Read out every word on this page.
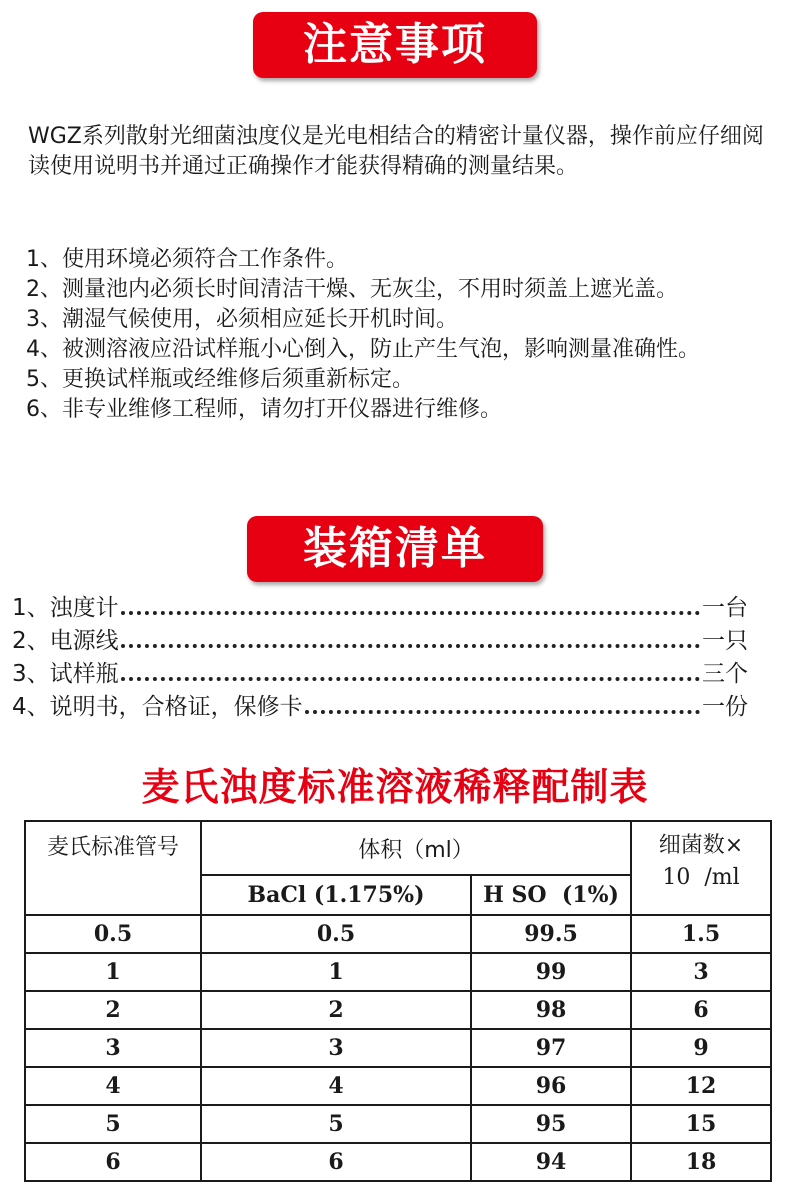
注意事项
WGZ系列散射光细菌浊度仪是光电相结合的精密计量仪器，操作前应仔细阅读使用说明书并通过正确操作才能获得精确的测量结果。
1、 使用环境必须符合工作条件。
2、 测量池内必须长时间清洁干燥、无灰尘，不用时须盖上遮光盖。
3、 潮湿气候使用，必须相应延长开机时间。
4、 被测溶液应沿试样瓶小心倒入，防止产生气泡，影响测量准确性。
5、 更换试样瓶或经维修后须重新标定。
6、 非专业维修工程师，请勿打开仪器进行维修。
装箱清单
1、浊度计	一台
2、电源线	一只
3、试样瓶	三个
4、说明书，合格证，保修卡	一份
麦氏浊度标准溶液稀释配制表
麦氏标准管号	体积（ml）		细菌数×
10  /ml

	BaCl (1.175%)	H SO  (1%)	
0.5	0.5	99.5	1.5
1	1	99	3
2	2	98	6
3	3	97	9
4	4	96	12
5	5	95	15
6	6	94	18
